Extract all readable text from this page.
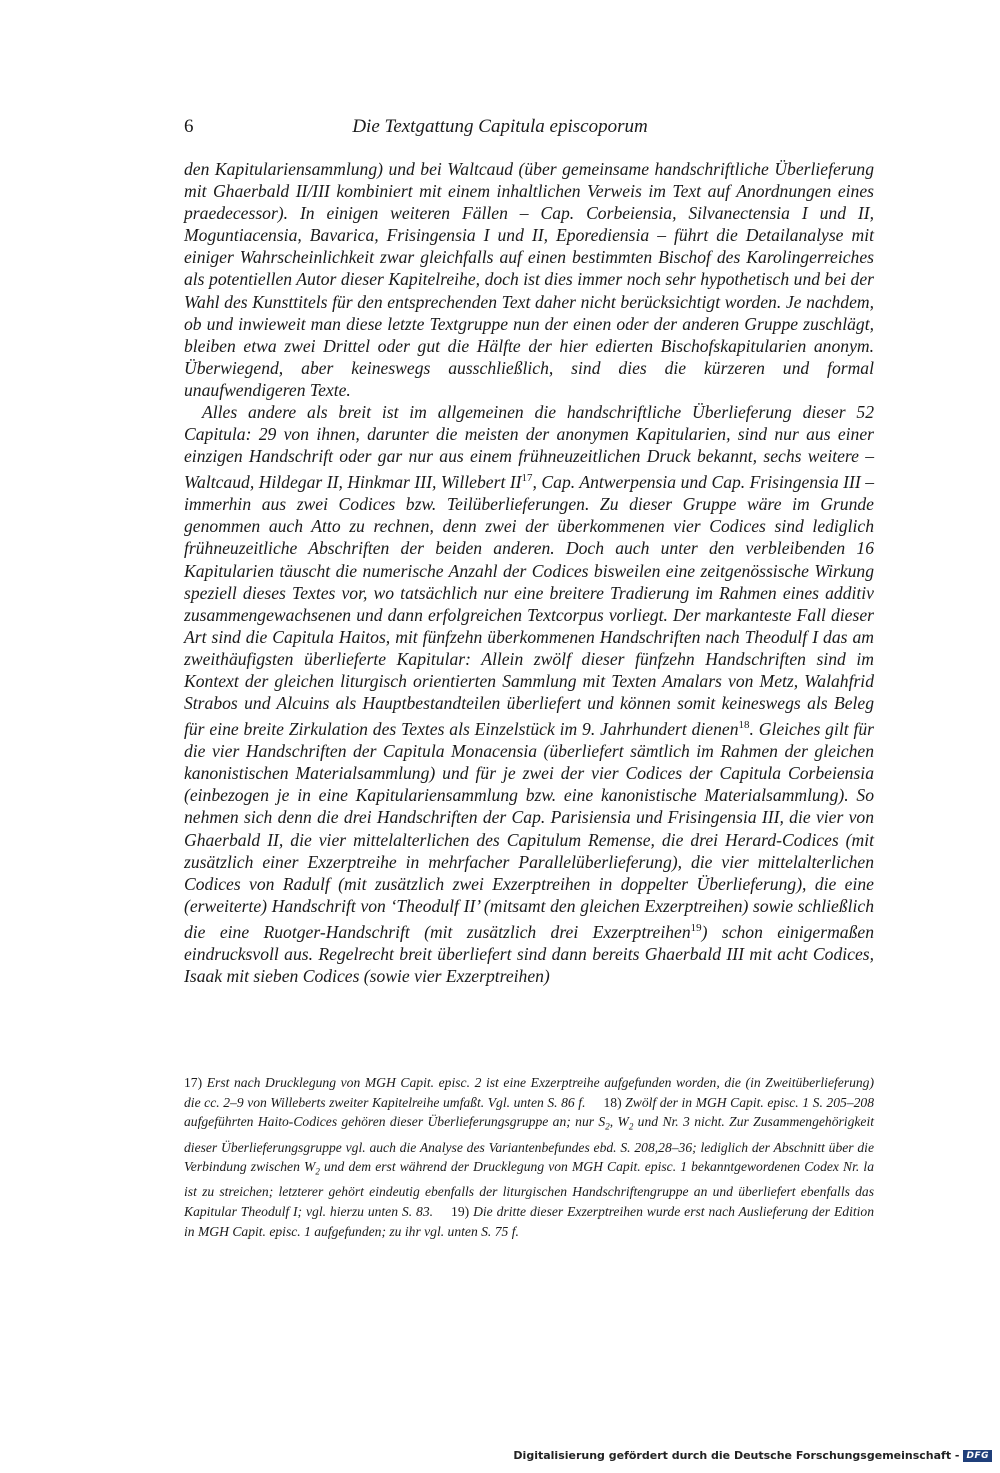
6	Die Textgattung Capitula episcoporum

den Kapitulariensammlung) und bei Waltcaud (über gemeinsame handschriftliche Überlieferung mit Ghaerbald II/III kombiniert mit einem inhaltlichen Verweis im Text auf Anordnungen eines praedecessor). In einigen weiteren Fällen – Cap. Corbeiensia, Silvanectensia I und II, Moguntiacensia, Bavarica, Frisingensia I und II, Eporediensia – führt die Detailanalyse mit einiger Wahrscheinlichkeit zwar gleichfalls auf einen bestimmten Bischof des Karolingerreiches als potentiellen Autor dieser Kapitelreihe, doch ist dies immer noch sehr hypothetisch und bei der Wahl des Kunsttitels für den entsprechenden Text daher nicht berücksichtigt worden. Je nachdem, ob und inwieweit man diese letzte Textgruppe nun der einen oder der anderen Gruppe zuschlägt, bleiben etwa zwei Drittel oder gut die Hälfte der hier edierten Bischofskapitularien anonym. Überwiegend, aber keineswegs ausschließlich, sind dies die kürzeren und formal unaufwendigeren Texte.

Alles andere als breit ist im allgemeinen die handschriftliche Überlieferung dieser 52 Capitula: 29 von ihnen, darunter die meisten der anonymen Kapitularien, sind nur aus einer einzigen Handschrift oder gar nur aus einem frühneuzeitlichen Druck bekannt, sechs weitere – Waltcaud, Hildegar II, Hinkmar III, Willebert II$^{17}$, Cap. Antwerpensia und Cap. Frisingensia III – immerhin aus zwei Codices bzw. Teilüberlieferungen. Zu dieser Gruppe wäre im Grunde genommen auch Atto zu rechnen, denn zwei der überkommenen vier Codices sind lediglich frühneuzeitliche Abschriften der beiden anderen. Doch auch unter den verbleibenden 16 Kapitularien täuscht die numerische Anzahl der Codices bisweilen eine zeitgenössische Wirkung speziell dieses Textes vor, wo tatsächlich nur eine breitere Tradierung im Rahmen eines additiv zusammengewachsenen und dann erfolgreichen Textcorpus vorliegt. Der markanteste Fall dieser Art sind die Capitula Haitos, mit fünfzehn überkommenen Handschriften nach Theodulf I das am zweithäufigsten überlieferte Kapitular: Allein zwölf dieser fünfzehn Handschriften sind im Kontext der gleichen liturgisch orientierten Sammlung mit Texten Amalars von Metz, Walahfrid Strabos und Alcuins als Hauptbestandteilen überliefert und können somit keineswegs als Beleg für eine breite Zirkulation des Textes als Einzelstück im 9. Jahrhundert dienen$^{18}$. Gleiches gilt für die vier Handschriften der Capitula Monacensia (überliefert sämtlich im Rahmen der gleichen kanonistischen Materialsammlung) und für je zwei der vier Codices der Capitula Corbeiensia (einbezogen je in eine Kapitulariensammlung bzw. eine kanonistische Materialsammlung). So nehmen sich denn die drei Handschriften der Cap. Parisiensia und Frisingensia III, die vier von Ghaerbald II, die vier mittelalterlichen des Capitulum Remense, die drei Herard-Codices (mit zusätzlich einer Exzerptreihe in mehrfacher Parallelüberlieferung), die vier mittelalterlichen Codices von Radulf (mit zusätzlich zwei Exzerptreihen in doppelter Überlieferung), die eine (erweiterte) Handschrift von ‘Theodulf II’ (mitsamt den gleichen Exzerptreihen) sowie schließlich die eine Ruotger-Handschrift (mit zusätzlich drei Exzerptreihen$^{19}$) schon einigermaßen eindrucksvoll aus. Regelrecht breit überliefert sind dann bereits Ghaerbald III mit acht Codices, Isaak mit sieben Codices (sowie vier Exzerptreihen)

17) Erst nach Drucklegung von MGH Capit. episc. 2 ist eine Exzerptreihe aufgefunden worden, die (in Zweitüberlieferung) die cc. 2–9 von Willeberts zweiter Kapitelreihe umfaßt. Vgl. unten S. 86 f. 18) Zwölf der in MGH Capit. episc. 1 S. 205–208 aufgeführten Haito-Codices gehören dieser Überlieferungsgruppe an; nur $S_2$, $W_2$ und Nr. 3 nicht. Zur Zusammengehörigkeit dieser Überlieferungsgruppe vgl. auch die Analyse des Variantenbefundes ebd. S. 208,28–36; lediglich der Abschnitt über die Verbindung zwischen $W_2$ und dem erst während der Drucklegung von MGH Capit. episc. 1 bekanntgewordenen Codex Nr. la ist zu streichen; letzterer gehört eindeutig ebenfalls der liturgischen Handschriftengruppe an und überliefert ebenfalls das Kapitular Theodulf I; vgl. hierzu unten S. 83. 19) Die dritte dieser Exzerptreihen wurde erst nach Auslieferung der Edition in MGH Capit. episc. 1 aufgefunden; zu ihr vgl. unten S. 75 f.
Digitalisierung gefördert durch die Deutsche Forschungsgemeinschaft - DFG
